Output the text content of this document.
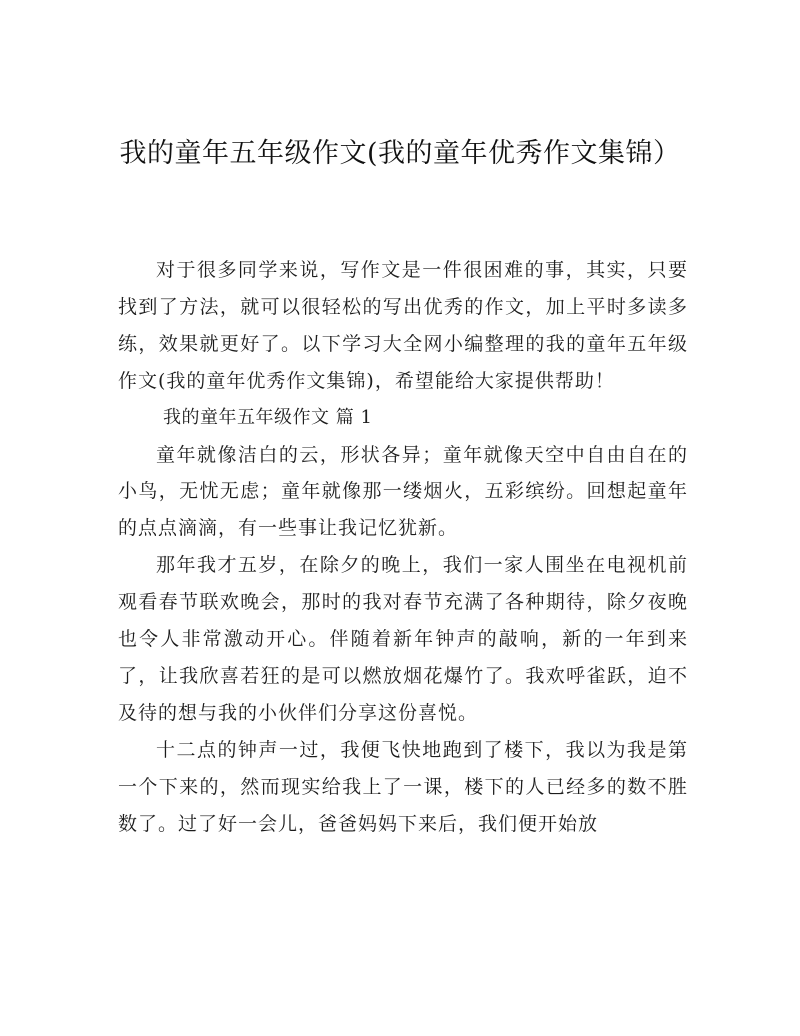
我的童年五年级作文(我的童年优秀作文集锦）

对于很多同学来说，写作文是一件很困难的事，其实，只要找到了方法，就可以很轻松的写出优秀的作文，加上平时多读多练，效果就更好了。以下学习大全网小编整理的我的童年五年级作文(我的童年优秀作文集锦)，希望能给大家提供帮助！

我的童年五年级作文 篇 1

童年就像洁白的云，形状各异；童年就像天空中自由自在的小鸟，无忧无虑；童年就像那一缕烟火，五彩缤纷。回想起童年的点点滴滴，有一些事让我记忆犹新。

那年我才五岁，在除夕的晚上，我们一家人围坐在电视机前观看春节联欢晚会，那时的我对春节充满了各种期待，除夕夜晚也令人非常激动开心。伴随着新年钟声的敲响，新的一年到来了，让我欣喜若狂的是可以燃放烟花爆竹了。我欢呼雀跃，迫不及待的想与我的小伙伴们分享这份喜悦。

十二点的钟声一过，我便飞快地跑到了楼下，我以为我是第一个下来的，然而现实给我上了一课，楼下的人已经多的数不胜数了。过了好一会儿，爸爸妈妈下来后，我们便开始放
